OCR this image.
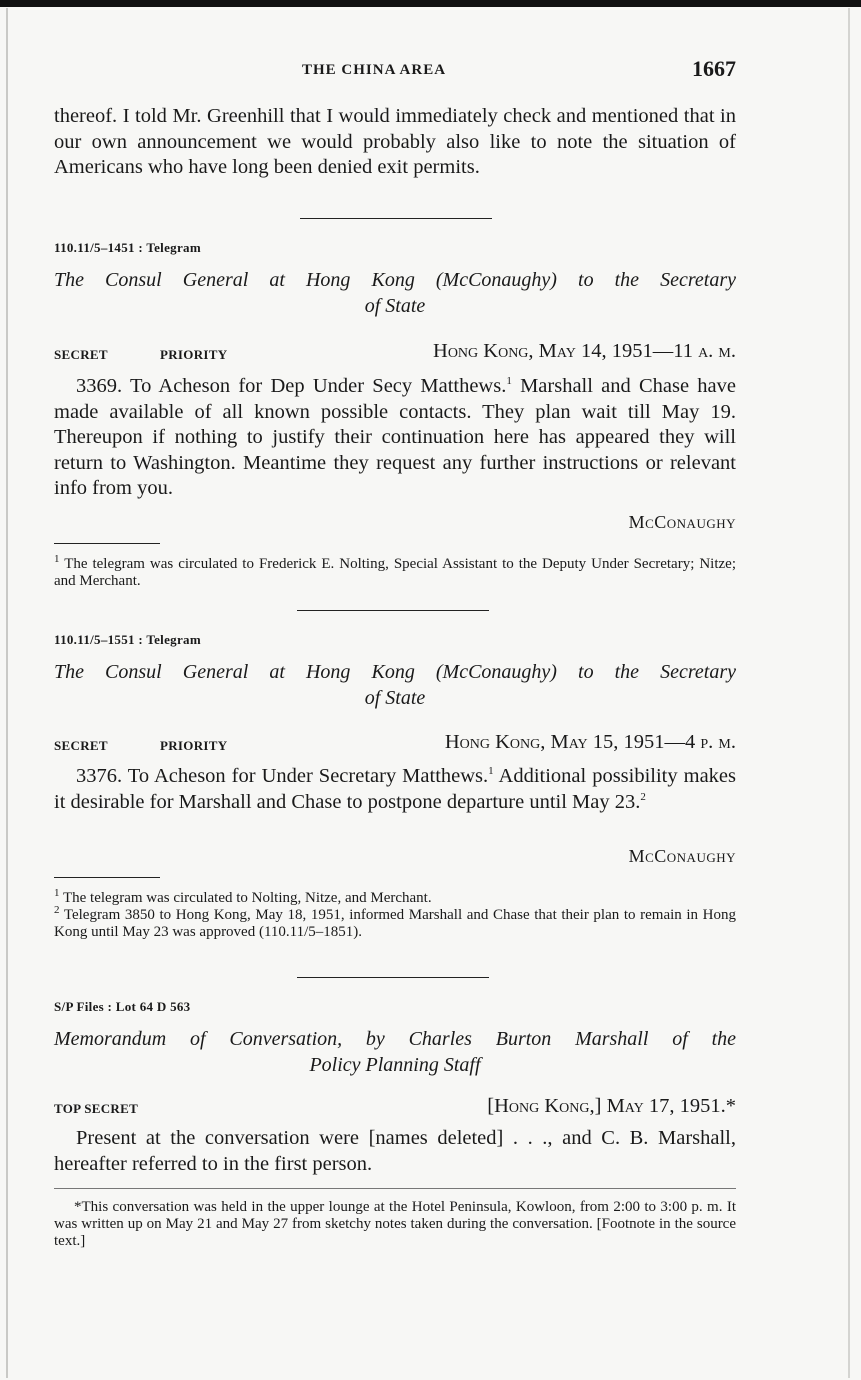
THE CHINA AREA	1667
thereof. I told Mr. Greenhill that I would immediately check and mentioned that in our own announcement we would probably also like to note the situation of Americans who have long been denied exit permits.
110.11/5–1451 : Telegram
The Consul General at Hong Kong (McConaughy) to the Secretary
of State
SECRET	PRIORITY	Hong Kong, May 14, 1951—11 a. m.
3369. To Acheson for Dep Under Secy Matthews.$^1$ Marshall and Chase have made available of all known possible contacts. They plan wait till May 19. Thereupon if nothing to justify their continuation here has appeared they will return to Washington. Meantime they request any further instructions or relevant info from you.
McConaughy
$^1$ The telegram was circulated to Frederick E. Nolting, Special Assistant to the Deputy Under Secretary; Nitze; and Merchant.
110.11/5–1551 : Telegram
The Consul General at Hong Kong (McConaughy) to the Secretary
of State
SECRET	PRIORITY	Hong Kong, May 15, 1951—4 p. m.
3376. To Acheson for Under Secretary Matthews.$^1$ Additional possibility makes it desirable for Marshall and Chase to postpone departure until May 23.$^2$
McConaughy
$^1$ The telegram was circulated to Nolting, Nitze, and Merchant.
$^2$ Telegram 3850 to Hong Kong, May 18, 1951, informed Marshall and Chase that their plan to remain in Hong Kong until May 23 was approved (110.11/5–1851).
S/P Files : Lot 64 D 563
Memorandum of Conversation, by Charles Burton Marshall of the
Policy Planning Staff
TOP SECRET	[Hong Kong,] May 17, 1951.*
Present at the conversation were [names deleted] . . ., and C. B. Marshall, hereafter referred to in the first person.
*This conversation was held in the upper lounge at the Hotel Peninsula, Kowloon, from 2:00 to 3:00 p. m. It was written up on May 21 and May 27 from sketchy notes taken during the conversation. [Footnote in the source text.]
